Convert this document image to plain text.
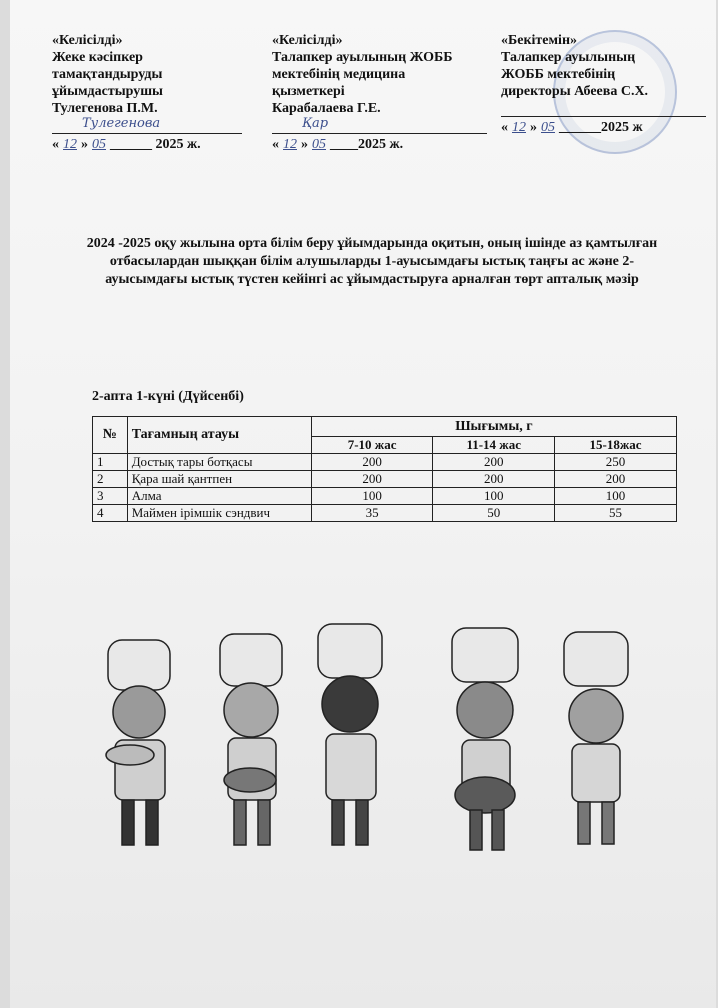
«Келісілді»
Жеке кәсіпкер
тамақтандыруды
ұйымдастырушы
Тулегенова П.М.
Тулегенова
« 12 » 05 ______ 2025 ж.
«Келісілді»
Талапкер ауылының ЖОББ
мектебінің медицина
қызметкері
Карабалаева Г.Е.
Қар
« 12 » 05 ____2025 ж.
«Бекітемін»
Талапкер ауылының
ЖОББ мектебінің
директоры Абеева С.Х.
« 12 » 05 ______2025 ж
2024 -2025 оқу жылына орта білім беру ұйымдарында оқитын, оның ішінде аз қамтылған отбасылардан шыққан білім алушыларды 1-ауысымдағы ыстық таңғы ас және 2-ауысымдағы ыстық түстен кейінгі ас ұйымдастыруға арналған төрт апталық мәзір
2-апта 1-күні (Дүйсенбі)
№	Тағамның атауы	Шығымы, г		
		7-10 жас	11-14 жас	15-18жас
1	Достық тары ботқасы	200	200	250
2	Қара шай қантпен	200	200	200
3	Алма	100	100	100
4	Маймен ірімшік сэндвич	35	50	55
